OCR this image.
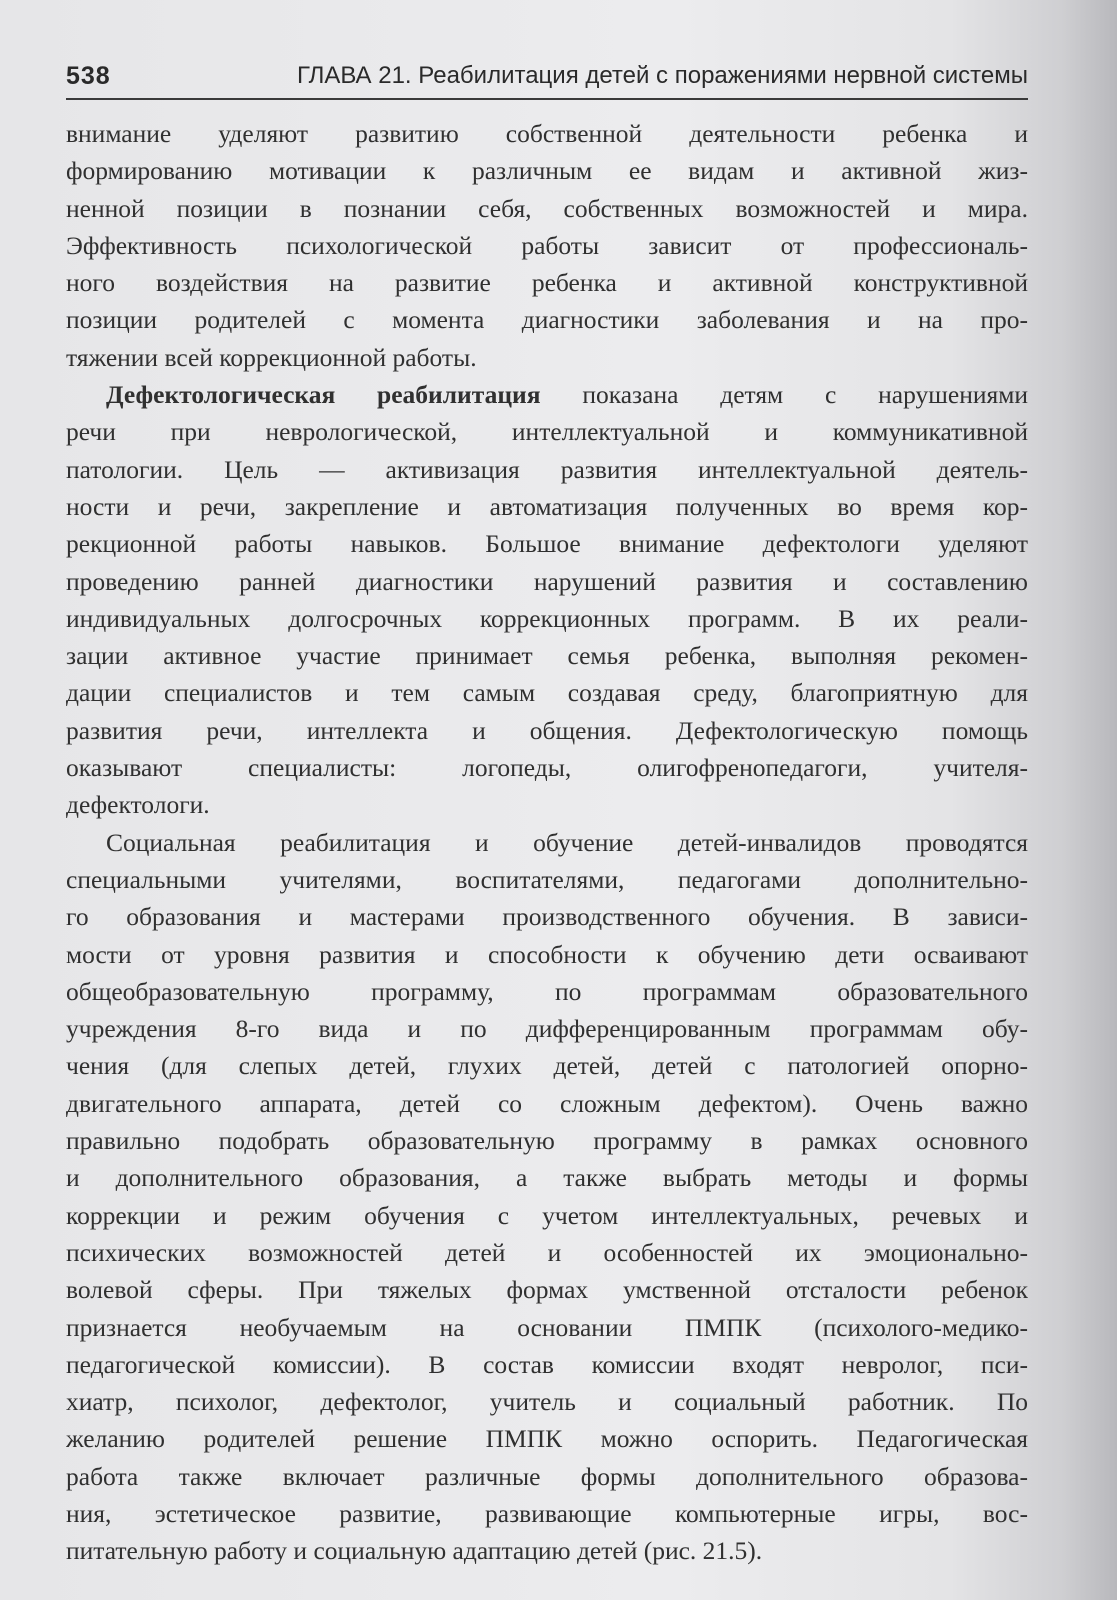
538	ГЛАВА 21. Реабилитация детей с поражениями нервной системы
внимание уделяют развитию собственной деятельности ребенка и
формированию мотивации к различным ее видам и активной жиз-
ненной позиции в познании себя, собственных возможностей и мира.
Эффективность психологической работы зависит от профессиональ-
ного воздействия на развитие ребенка и активной конструктивной
позиции родителей с момента диагностики заболевания и на про-
тяжении всей коррекционной работы.
Дефектологическая реабилитация показана детям с нарушениями
речи при неврологической, интеллектуальной и коммуникативной
патологии. Цель — активизация развития интеллектуальной деятель-
ности и речи, закрепление и автоматизация полученных во время кор-
рекционной работы навыков. Большое внимание дефектологи уделяют
проведению ранней диагностики нарушений развития и составлению
индивидуальных долгосрочных коррекционных программ. В их реали-
зации активное участие принимает семья ребенка, выполняя рекомен-
дации специалистов и тем самым создавая среду, благоприятную для
развития речи, интеллекта и общения. Дефектологическую помощь
оказывают специалисты: логопеды, олигофренопедагоги, учителя-
дефектологи.
Социальная реабилитация и обучение детей-инвалидов проводятся
специальными учителями, воспитателями, педагогами дополнительно-
го образования и мастерами производственного обучения. В зависи-
мости от уровня развития и способности к обучению дети осваивают
общеобразовательную программу, по программам образовательного
учреждения 8-го вида и по дифференцированным программам обу-
чения (для слепых детей, глухих детей, детей с патологией опорно-
двигательного аппарата, детей со сложным дефектом). Очень важно
правильно подобрать образовательную программу в рамках основного
и дополнительного образования, а также выбрать методы и формы
коррекции и режим обучения с учетом интеллектуальных, речевых и
психических возможностей детей и особенностей их эмоционально-
волевой сферы. При тяжелых формах умственной отсталости ребенок
признается необучаемым на основании ПМПК (психолого-медико-
педагогической комиссии). В состав комиссии входят невролог, пси-
хиатр, психолог, дефектолог, учитель и социальный работник. По
желанию родителей решение ПМПК можно оспорить. Педагогическая
работа также включает различные формы дополнительного образова-
ния, эстетическое развитие, развивающие компьютерные игры, вос-
питательную работу и социальную адаптацию детей (рис. 21.5).
